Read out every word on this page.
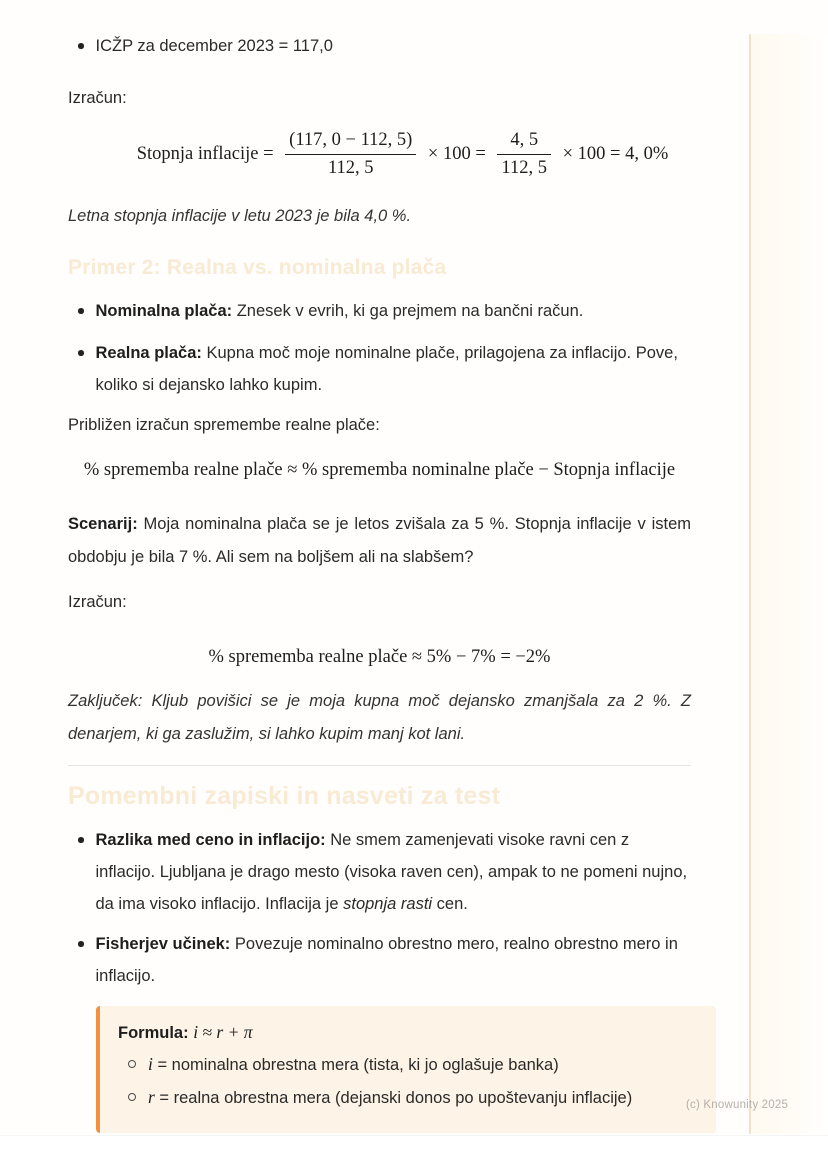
ICŽP za december 2023 = 117,0

Izračun:

Stopnja inflacije = $\frac{(117, 0 - 112, 5)}{112, 5} \times 100 = \frac{4, 5}{112, 5} \times 100 = 4$, 0%

Letna stopnja inflacije v letu 2023 je bila 4,0 %.

Primer 2: Realna vs. nominalna plača
Nominalna plača: Znesek v evrih, ki ga prejmem na bančni račun.
Realna plača: Kupna moč moje nominalne plače, prilagojena za inflacijo. Pove, koliko si dejansko lahko kupim.

Približen izračun spremembe realne plače:

% sprememba realne plače ≈ % sprememba nominalne plače − Stopnja inflacije

Scenarij: Moja nominalna plača se je letos zvišala za 5 %. Stopnja inflacije v istem obdobju je bila 7 %. Ali sem na boljšem ali na slabšem?

Izračun:

% sprememba realne plače ≈ 5% − 7% = −2%

Zaključek: Kljub povišici se je moja kupna moč dejansko zmanjšala za 2 %. Z denarjem, ki ga zaslužim, si lahko kupim manj kot lani.

Pomembni zapiski in nasveti za test
Razlika med ceno in inflacijo: Ne smem zamenjevati visoke ravni cen z inflacijo. Ljubljana je drago mesto (visoka raven cen), ampak to ne pomeni nujno, da ima visoko inflacijo. Inflacija je stopnja rasti cen.
Fisherjev učinek: Povezuje nominalno obrestno mero, realno obrestno mero in inflacijo.

Formula: i ≈ r + π

i = nominalna obrestna mera (tista, ki jo oglašuje banka)
r = realna obrestna mera (dejanski donos po upoštevanju inflacije)	(c) Knowunity 2025
